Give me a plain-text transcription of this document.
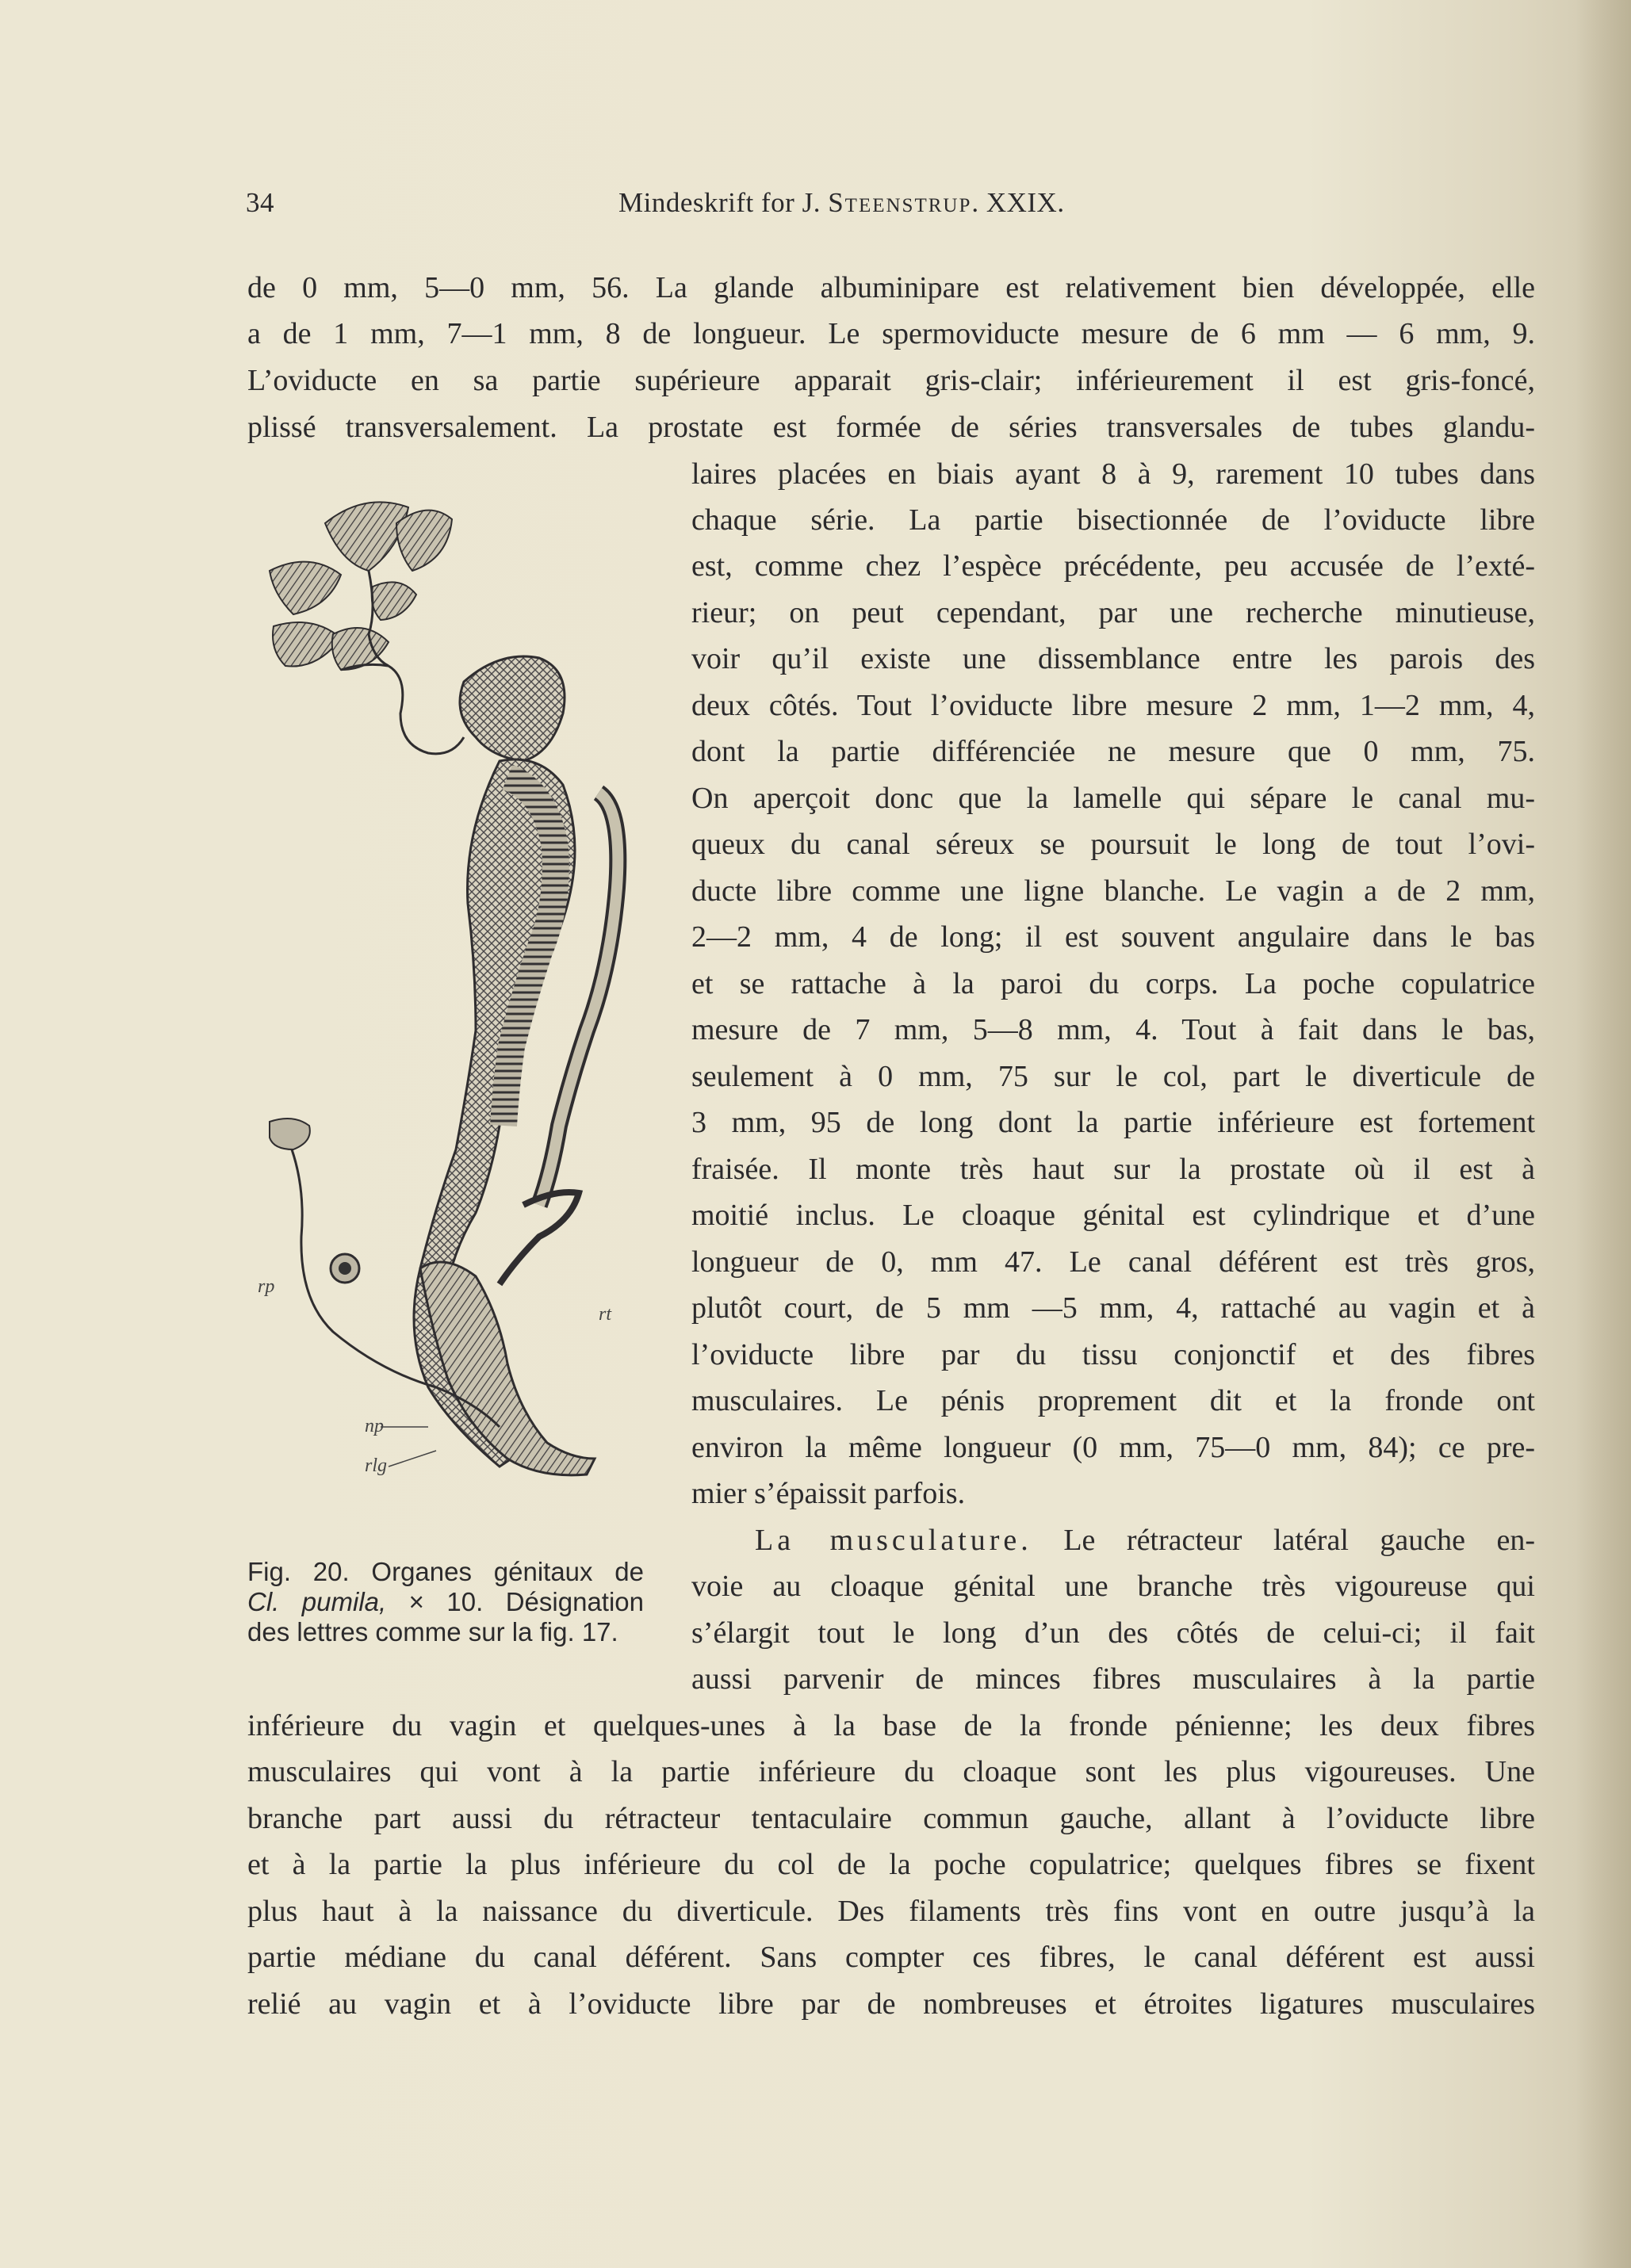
34	Mindeskrift for J. Steenstrup. XXIX.
de 0 mm, 5—0 mm, 56. La glande albuminipare est relativement bien développée, elle
a de 1 mm, 7—1 mm, 8 de longueur. Le spermoviducte mesure de 6 mm — 6 mm, 9.
L’oviducte en sa partie supérieure apparait gris-clair; inférieurement il est gris-foncé,
plissé transversalement. La prostate est formée de séries transversales de tubes glandu-
laires placées en biais ayant 8 à 9, rarement 10 tubes dans
chaque série. La partie bisectionnée de l’oviducte libre
est, comme chez l’espèce précédente, peu accusée de l’exté-
rieur; on peut cependant, par une recherche minutieuse,
voir qu’il existe une dissemblance entre les parois des
deux côtés. Tout l’oviducte libre mesure 2 mm, 1—2 mm, 4,
dont la partie différenciée ne mesure que 0 mm, 75.
On aperçoit donc que la lamelle qui sépare le canal mu-
queux du canal séreux se poursuit le long de tout l’ovi-
ducte libre comme une ligne blanche. Le vagin a de 2 mm,
2—2 mm, 4 de long; il est souvent angulaire dans le bas
et se rattache à la paroi du corps. La poche copulatrice
mesure de 7 mm, 5—8 mm, 4. Tout à fait dans le bas,
seulement à 0 mm, 75 sur le col, part le diverticule de
3 mm, 95 de long dont la partie inférieure est fortement
fraisée. Il monte très haut sur la prostate où il est à
moitié inclus. Le cloaque génital est cylindrique et d’une
longueur de 0, mm 47. Le canal déférent est très gros,
plutôt court, de 5 mm —5 mm, 4, rattaché au vagin et à
l’oviducte libre par du tissu conjonctif et des fibres
musculaires. Le pénis proprement dit et la fronde ont
environ la même longueur (0 mm, 75—0 mm, 84); ce pre-
mier s’épaissit parfois.
La musculature. Le rétracteur latéral gauche en-
voie au cloaque génital une branche très vigoureuse qui
s’élargit tout le long d’un des côtés de celui-ci; il fait
aussi parvenir de minces fibres musculaires à la partie
inférieure du vagin et quelques-unes à la base de la fronde pénienne; les deux fibres
musculaires qui vont à la partie inférieure du cloaque sont les plus vigoureuses. Une
branche part aussi du rétracteur tentaculaire commun gauche, allant à l’oviducte libre
et à la partie la plus inférieure du col de la poche copulatrice; quelques fibres se fixent
plus haut à la naissance du diverticule. Des filaments très fins vont en outre jusqu’à la
partie médiane du canal déférent. Sans compter ces fibres, le canal déférent est aussi
relié au vagin et à l’oviducte libre par de nombreuses et étroites ligatures musculaires
rp
rt
np
rlg
Fig. 20. Organes génitaux de
Cl. pumila, × 10. Désignation
des lettres comme sur la fig. 17.
